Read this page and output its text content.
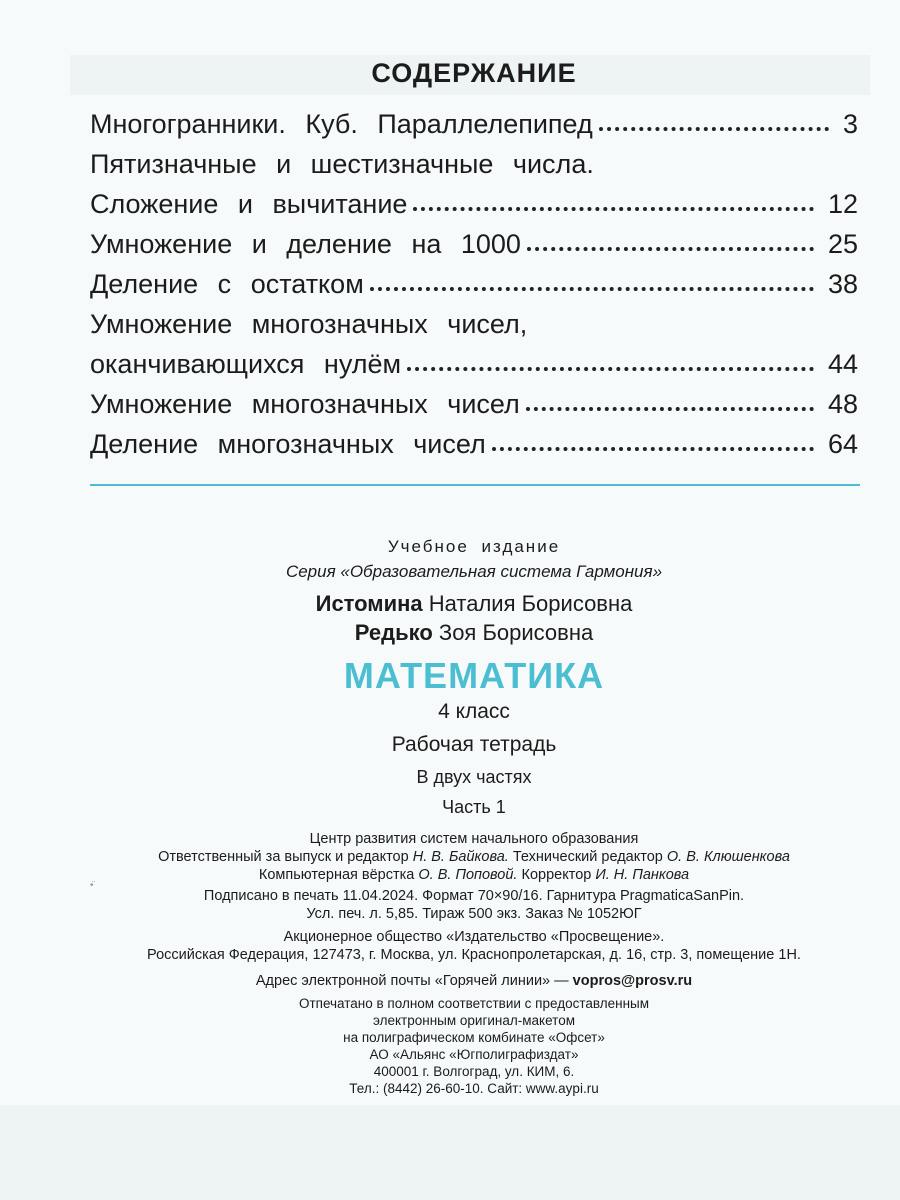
СОДЕРЖАНИЕ
Многогранники. Куб. Параллелепипед	3
Пятизначные и шестизначные числа.
Сложение и вычитание	12
Умножение и деление на 1000	25
Деление с остатком	38
Умножение многозначных чисел,
оканчивающихся нулём	44
Умножение многозначных чисел	48
Деление многозначных чисел	64
Учебное издание
Серия «Образовательная система Гармония»
Истомина Наталия Борисовна
Редько Зоя Борисовна
МАТЕМАТИКА
4 класс
Рабочая тетрадь
В двух частях
Часть 1
Центр развития систем начального образования
Ответственный за выпуск и редактор Н. В. Байкова. Технический редактор О. В. Клюшенкова
Компьютерная вёрстка О. В. Поповой. Корректор И. Н. Панкова
Подписано в печать 11.04.2024. Формат 70×90/16. Гарнитура PragmaticaSanPin.
Усл. печ. л. 5,85. Тираж 500 экз. Заказ № 1052ЮГ
Акционерное общество «Издательство «Просвещение».
Российская Федерация, 127473, г. Москва, ул. Краснопролетарская, д. 16, стр. 3, помещение 1Н.
Адрес электронной почты «Горячей линии» — vopros@prosv.ru
Отпечатано в полном соответствии с предоставленным
электронным оригинал-макетом
на полиграфическом комбинате «Офсет»
АО «Альянс «Югполиграфиздат»
400001 г. Волгоград, ул. КИМ, 6.
Тел.: (8442) 26-60-10. Сайт: www.aypi.ru
•̈
